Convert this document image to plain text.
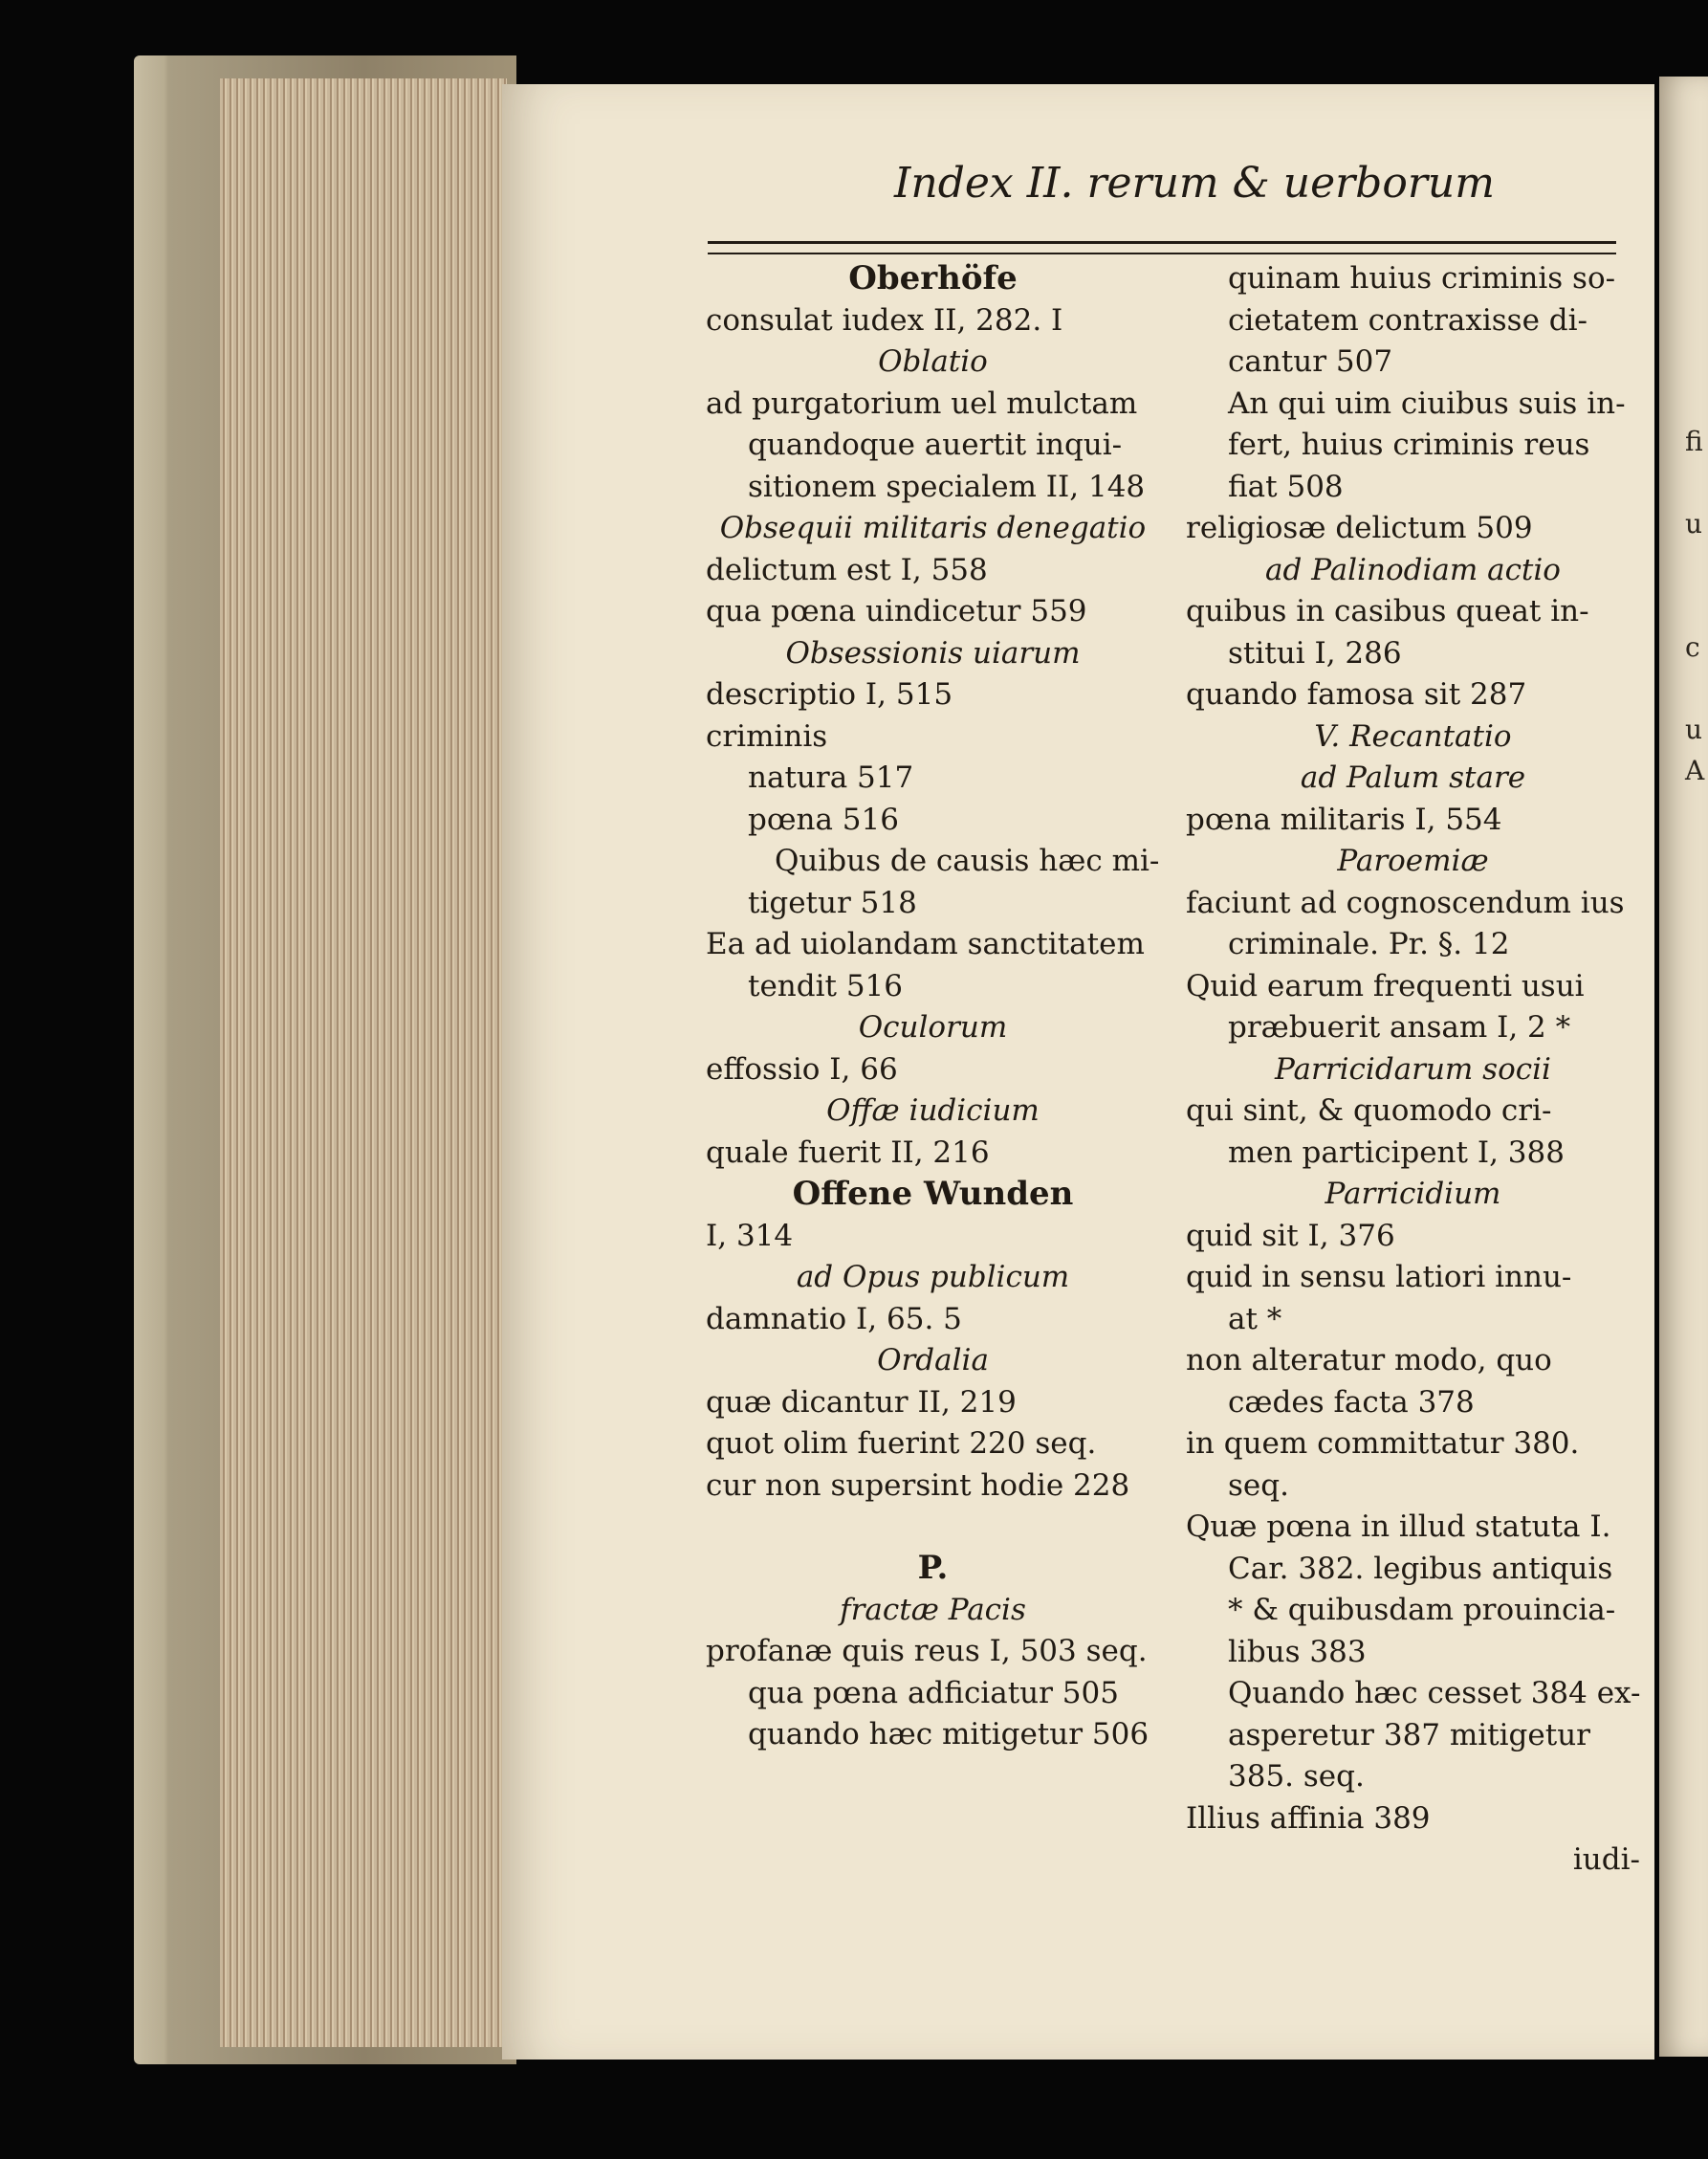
Index II. rerum & uerborum
Oberhöfe
consulat iudex II, 282. I
Oblatio
ad purgatorium uel mulctam
quandoque auertit inqui-
sitionem specialem II, 148
Obsequii militaris denegatio
delictum est I, 558
qua pœna uindicetur 559
Obsessionis uiarum
descriptio I, 515
criminis
natura 517
pœna 516
Quibus de causis hæc mi-
tigetur 518
Ea ad uiolandam sanctitatem
tendit 516
Oculorum
effossio I, 66
Offæ iudicium
quale fuerit II, 216
Offene Wunden
I, 314
ad Opus publicum
damnatio I, 65. 5
Ordalia
quæ dicantur II, 219
quot olim fuerint 220 seq.
cur non supersint hodie 228
P.
fractæ Pacis
profanæ quis reus I, 503 seq.
qua pœna adficiatur 505
quando hæc mitigetur 506
quinam huius criminis so-
cietatem contraxisse di-
cantur 507
An qui uim ciuibus suis in-
fert, huius criminis reus
fiat 508
religiosæ delictum 509
ad Palinodiam actio
quibus in casibus queat in-
stitui I, 286
quando famosa sit 287
V. Recantatio
ad Palum stare
pœna militaris I, 554
Paroemiæ
faciunt ad cognoscendum ius
criminale. Pr. §. 12
Quid earum frequenti usui
præbuerit ansam I, 2 *
Parricidarum socii
qui sint, & quomodo cri-
men participent I, 388
Parricidium
quid sit I, 376
quid in sensu latiori innu-
at *
non alteratur modo, quo
cædes facta 378
in quem committatur 380.
seq.
Quæ pœna in illud statuta I.
Car. 382. legibus antiquis
* & quibusdam prouincia-
libus 383
Quando hæc cesset 384 ex-
asperetur 387 mitigetur
385. seq.
Illius affinia 389
iudi-
fi

u

c

u
A
